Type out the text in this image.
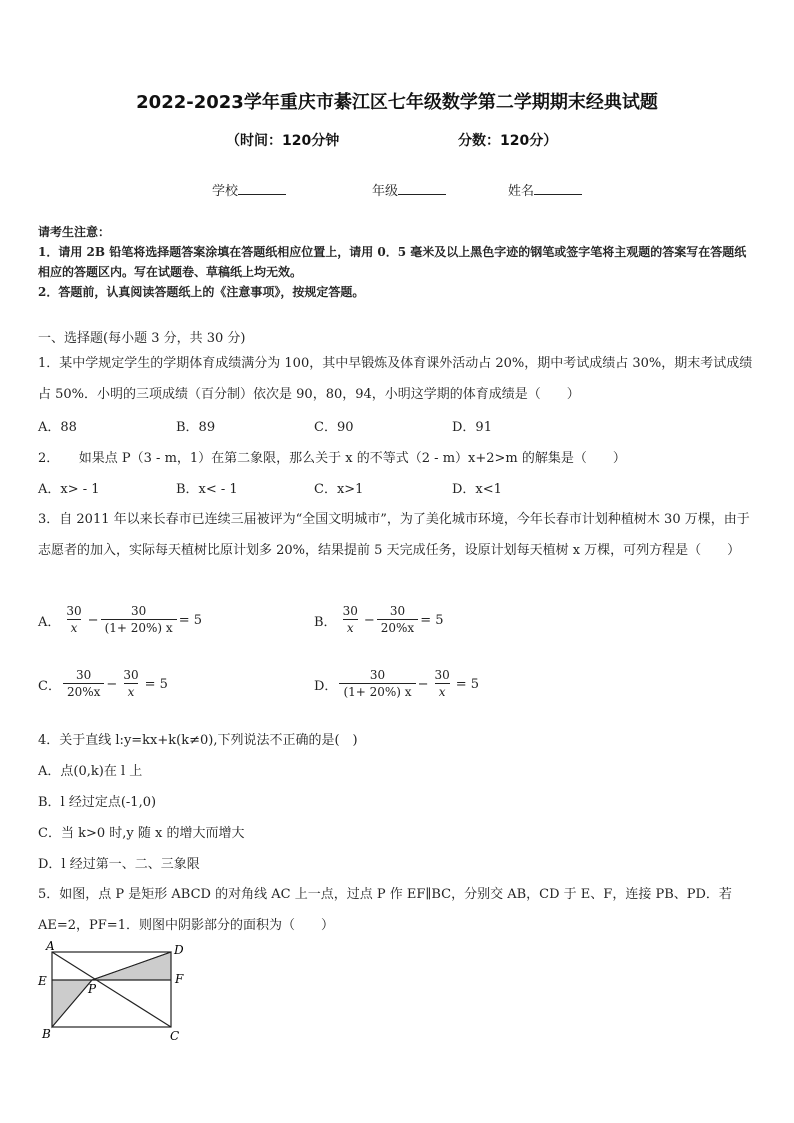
2022-2023学年重庆市綦江区七年级数学第二学期期末经典试题
（时间：120分钟	分数：120分）
学校	年级	姓名
请考生注意：
1．请用 2B 铅笔将选择题答案涂填在答题纸相应位置上，请用 0．5 毫米及以上黑色字迹的钢笔或签字笔将主观题的答案写在答题纸相应的答题区内。写在试题卷、草稿纸上均无效。
2．答题前，认真阅读答题纸上的《注意事项》，按规定答题。
一、选择题(每小题 3 分，共 30 分)
1．某中学规定学生的学期体育成绩满分为 100，其中早锻炼及体育课外活动占 20%，期中考试成绩占 30%，期末考试成绩占 50%．小明的三项成绩（百分制）依次是 90，80，94，小明这学期的体育成绩是（　　）
A．88	B．89	C．90	D．91
2．　　如果点 P（3 - m，1）在第二象限，那么关于 x 的不等式（2 - m）x+2>m 的解集是（　　）
A．x> - 1	B．x< - 1	C．x>1	D．x<1
3．自 2011 年以来长春市已连续三届被评为“全国文明城市”，为了美化城市环境，今年长春市计划种植树木 30 万棵，由于志愿者的加入，实际每天植树比原计划多 20%，结果提前 5 天完成任务，设原计划每天植树 x 万棵，可列方程是（　　）
A． $\frac{30}{x} - \frac{30}{(1+ 20\%) x} = 5$	B． $\frac{30}{x} - \frac{30}{20\%x} = 5$
C． $\frac{30}{20\%x} - \frac{30}{x} = 5$	D． $\frac{30}{(1+ 20\%) x} - \frac{30}{x} = 5$
4．关于直线 l:y=kx+k(k≠0),下列说法不正确的是(　)
A．点(0,k)在 l 上
B．l 经过定点(-1,0)
C．当 k>0 时,y 随 x 的增大而增大
D．l 经过第一、二、三象限
5．如图，点 P 是矩形 ABCD 的对角线 AC 上一点，过点 P 作 EF∥BC，分别交 AB，CD 于 E、F，连接 PB、PD．若 AE=2，PF=1．则图中阴影部分的面积为（　　）
A	D
E	F
P
B	C
